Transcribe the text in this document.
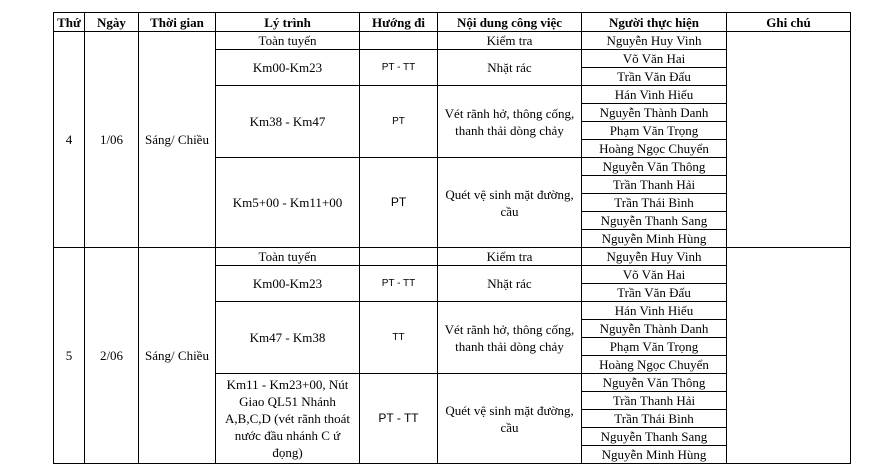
Thứ	Ngày	Thời gian	Lý trình	Hướng đi	Nội dung công việc	Người thực hiện	Ghi chú
4	1/06	Sáng/ Chiều	Toàn tuyến		Kiểm tra	Nguyễn Huy Vinh	
			Km00-Km23	PT - TT	Nhặt rác	Võ Văn Hai	
						Trần Văn Đấu	
			Km38 - Km47	PT	Vét rãnh hở, thông cống, thanh thải dòng chảy	Hán Vinh Hiếu	
						Nguyễn Thành Danh	
						Phạm Văn Trọng	
						Hoàng Ngọc Chuyển	
			Km5+00 - Km11+00	PT	Quét vệ sinh mặt đường, cầu	Nguyễn Văn Thông	
						Trần Thanh Hải	
						Trần Thái Bình	
						Nguyễn Thanh Sang	
						Nguyễn Minh Hùng	
5	2/06	Sáng/ Chiều	Toàn tuyến		Kiểm tra	Nguyễn Huy Vinh	
			Km00-Km23	PT - TT	Nhặt rác	Võ Văn Hai	
						Trần Văn Đấu	
			Km47 - Km38	TT	Vét rãnh hở, thông cống, thanh thải dòng chảy	Hán Vinh Hiếu	
						Nguyễn Thành Danh	
						Phạm Văn Trọng	
						Hoàng Ngọc Chuyển	
			Km11 - Km23+00, Nút Giao QL51 Nhánh A,B,C,D (vét rãnh thoát nước đầu nhánh C ứ đọng)	PT - TT	Quét vệ sinh mặt đường, cầu	Nguyễn Văn Thông	
						Trần Thanh Hải	
						Trần Thái Bình	
						Nguyễn Thanh Sang	
						Nguyễn Minh Hùng	
